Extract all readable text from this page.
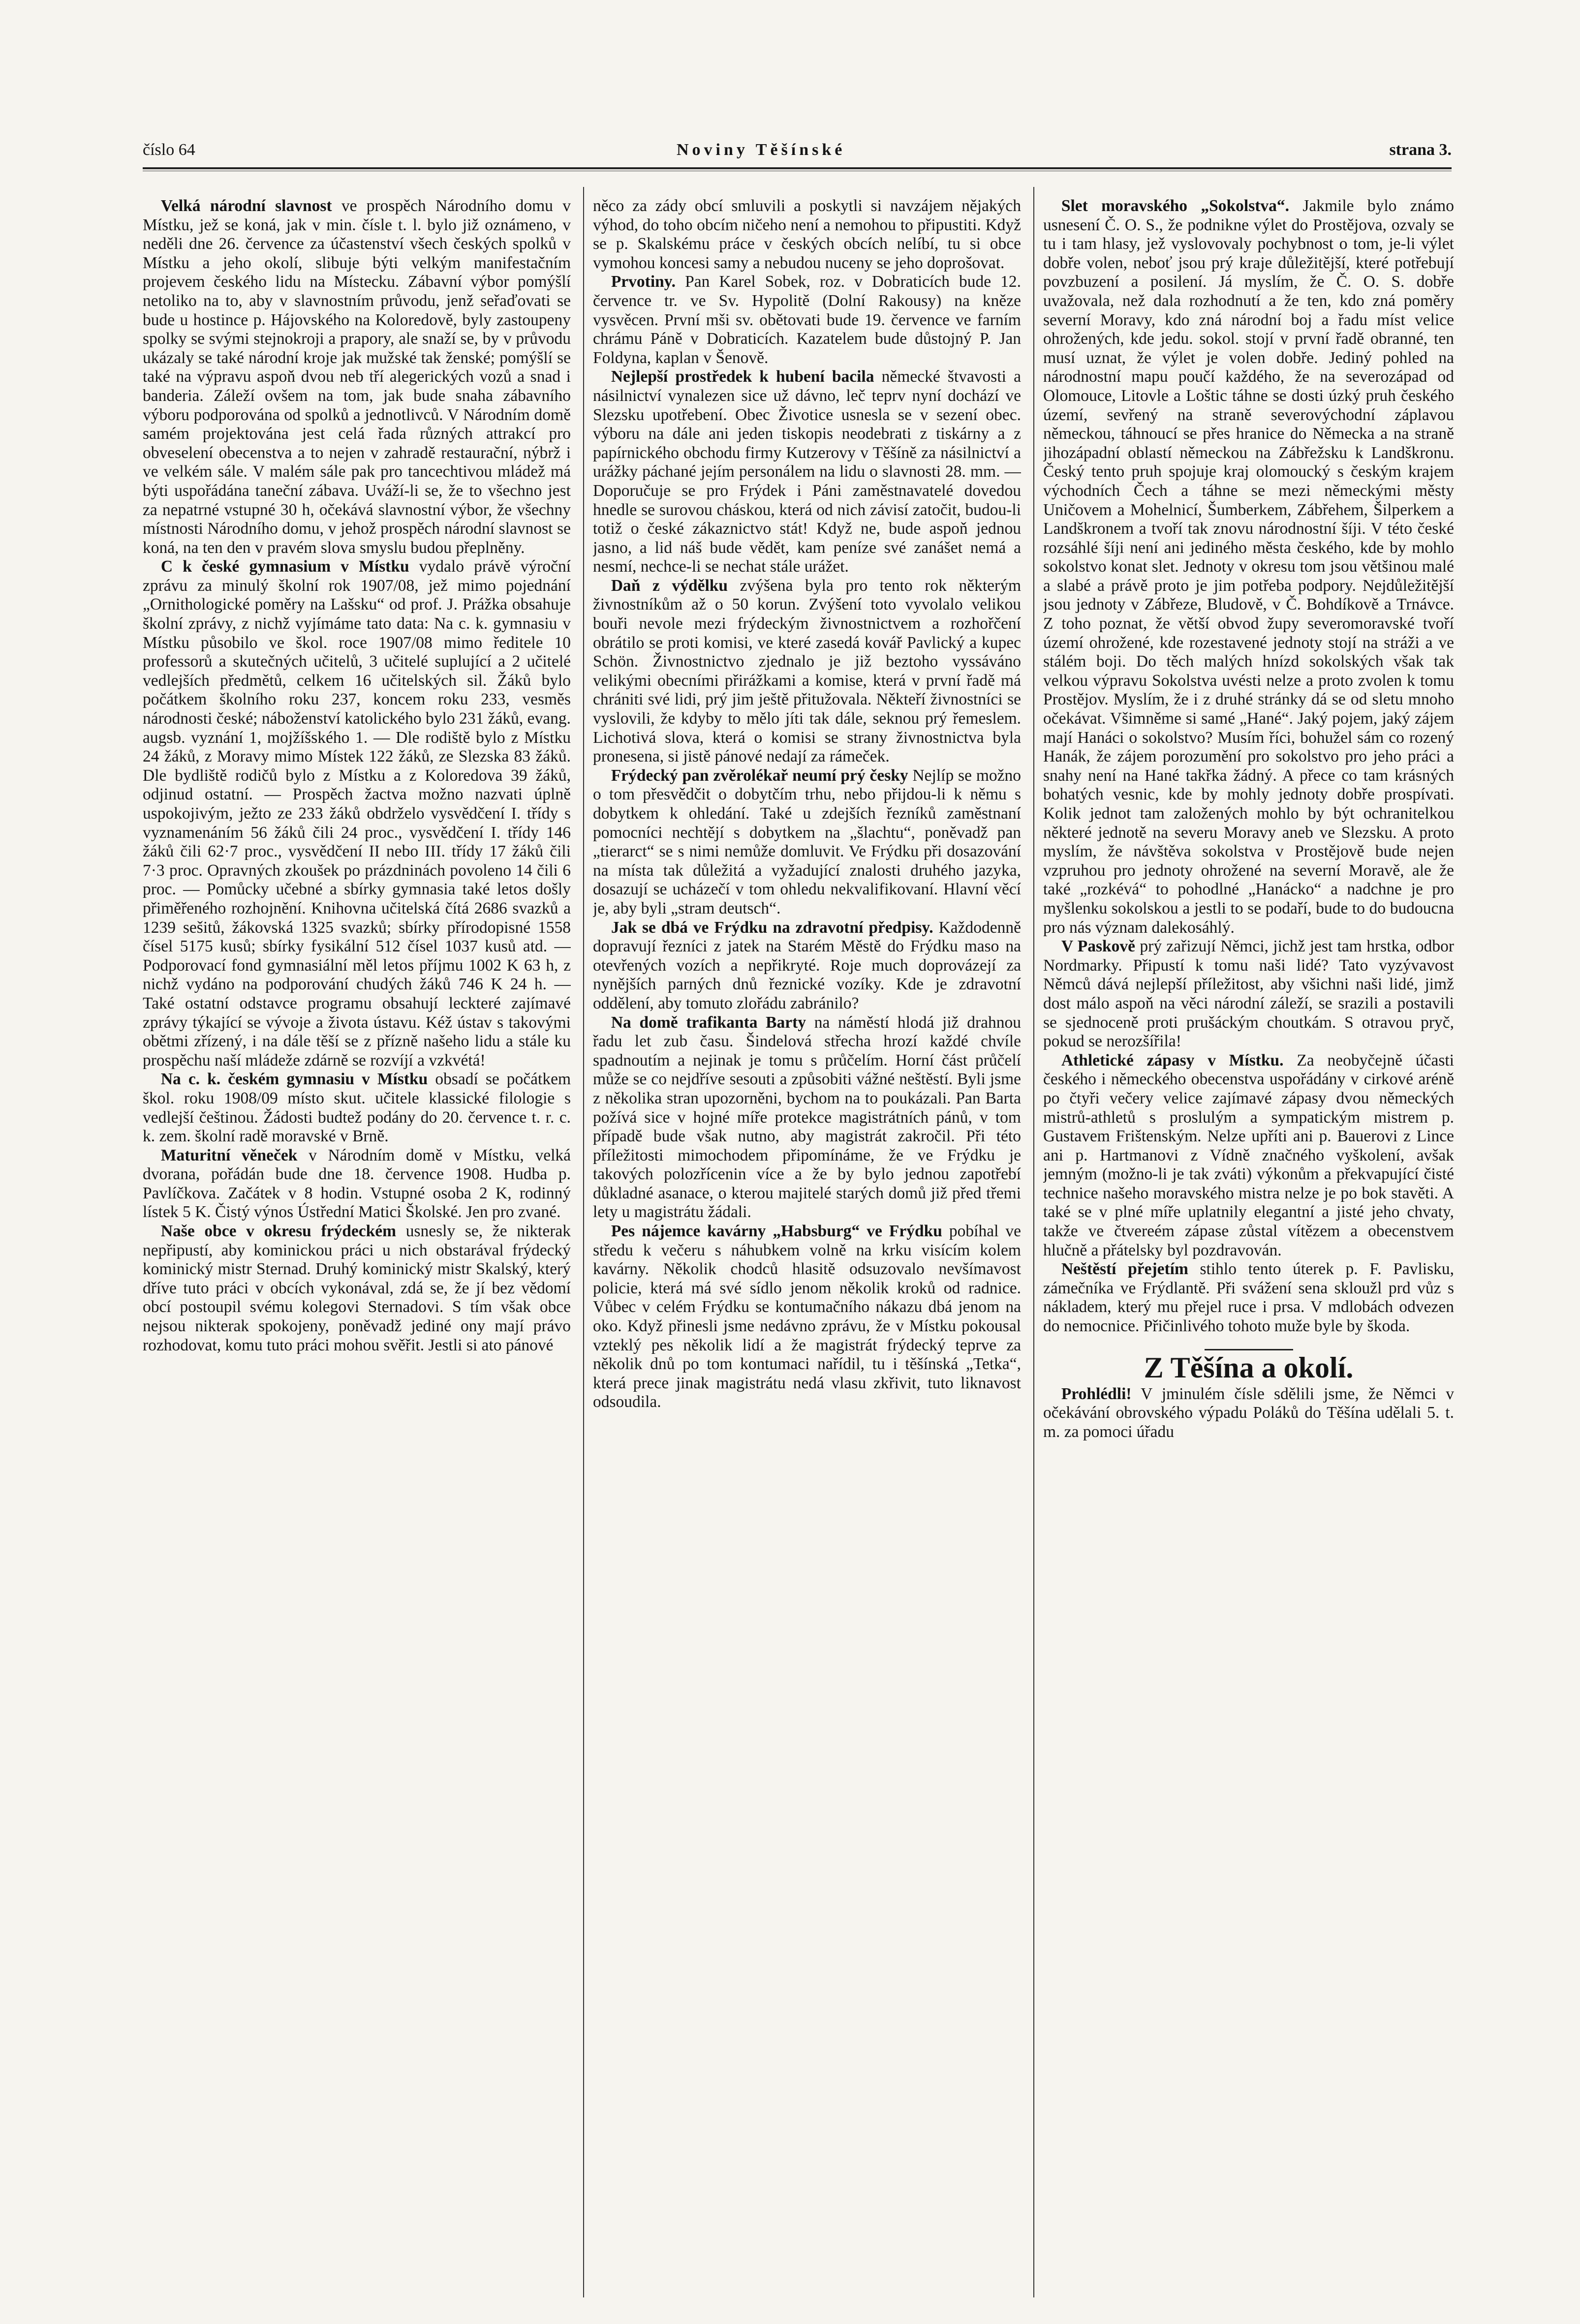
číslo 64	Noviny Těšínské	strana 3.

Velká národní slavnost ve prospěch Národního domu v Místku, jež se koná, jak v min. čísle t. l. bylo již oznámeno, v neděli dne 26. července za účastenství všech českých spolků v Místku a jeho okolí, slibuje býti velkým manifestačním projevem českého lidu na Místecku. Zábavní výbor pomýšlí netoliko na to, aby v slavnostním průvodu, jenž seřaďovati se bude u hostince p. Hájovského na Koloredově, byly zastoupeny spolky se svými stejnokroji a prapory, ale snaží se, by v průvodu ukázaly se také národní kroje jak mužské tak ženské; pomýšlí se také na výpravu aspoň dvou neb tří alegerických vozů a snad i banderia. Záleží ovšem na tom, jak bude snaha zábavního výboru podporována od spolků a jednotlivců. V Národním domě samém projektována jest celá řada různých attrakcí pro obveselení obecenstva a to nejen v zahradě restaurační, nýbrž i ve velkém sále. V malém sále pak pro tancechtivou mládež má býti uspořádána taneční zábava. Uváží-li se, že to všechno jest za nepatrné vstupné 30 h, očekává slavnostní výbor, že všechny místnosti Národního domu, v jehož prospěch národní slavnost se koná, na ten den v pravém slova smyslu budou přeplněny.

C k české gymnasium v Místku vydalo právě výroční zprávu za minulý školní rok 1907/08, jež mimo pojednání „Ornithologické poměry na Lašsku“ od prof. J. Prážka obsahuje školní zprávy, z nichž vyjímáme tato data: Na c. k. gymnasiu v Místku působilo ve škol. roce 1907/08 mimo ředitele 10 professorů a skutečných učitelů, 3 učitelé suplující a 2 učitelé vedlejších předmětů, celkem 16 učitelských sil. Žáků bylo počátkem školního roku 237, koncem roku 233, vesměs národnosti české; náboženství katolického bylo 231 žáků, evang. augsb. vyznání 1, mojžíšského 1. — Dle rodiště bylo z Místku 24 žáků, z Moravy mimo Místek 122 žáků, ze Slezska 83 žáků. Dle bydliště rodičů bylo z Místku a z Koloredova 39 žáků, odjinud ostatní. — Prospěch žactva možno nazvati úplně uspokojivým, ježto ze 233 žáků obdrželo vysvědčení I. třídy s vyznamenáním 56 žáků čili 24 proc., vysvědčení I. třídy 146 žáků čili 62·7 proc., vysvědčení II nebo III. třídy 17 žáků čili 7·3 proc. Opravných zkoušek po prázdninách povoleno 14 čili 6 proc. — Pomůcky učebné a sbírky gymnasia také letos došly přiměřeného rozhojnění. Knihovna učitelská čítá 2686 svazků a 1239 sešitů, žákovská 1325 svazků; sbírky přírodopisné 1558 čísel 5175 kusů; sbírky fysikální 512 čísel 1037 kusů atd. — Podporovací fond gymnasiální měl letos příjmu 1002 K 63 h, z nichž vydáno na podporování chudých žáků 746 K 24 h. — Také ostatní odstavce programu obsahují leckteré zajímavé zprávy týkající se vývoje a života ústavu. Kéž ústav s takovými obětmi zřízený, i na dále těší se z přízně našeho lidu a stále ku prospěchu naší mládeže zdárně se rozvíjí a vzkvétá!

Na c. k. českém gymnasiu v Místku obsadí se počátkem škol. roku 1908/09 místo skut. učitele klassické filologie s vedlejší češtinou. Žádosti budtež podány do 20. července t. r. c. k. zem. školní radě moravské v Brně.

Maturitní věneček v Národním domě v Místku, velká dvorana, pořádán bude dne 18. července 1908. Hudba p. Pavlíčkova. Začátek v 8 hodin. Vstupné osoba 2 K, rodinný lístek 5 K. Čistý výnos Ústřední Matici Školské. Jen pro zvané.

Naše obce v okresu frýdeckém usnesly se, že nikterak nepřipustí, aby kominickou práci u nich obstarával frýdecký kominický mistr Sternad. Druhý kominický mistr Skalský, který dříve tuto práci v obcích vykonával, zdá se, že jí bez vědomí obcí postoupil svému kolegovi Sternadovi. S tím však obce nejsou nikterak spokojeny, poněvadž jediné ony mají právo rozhodovat, komu tuto práci mohou svěřit. Jestli si ato pánové

něco za zády obcí smluvili a poskytli si navzájem nějakých výhod, do toho obcím ničeho není a nemohou to připustiti. Když se p. Skalskému práce v českých obcích nelíbí, tu si obce vymohou koncesi samy a nebudou nuceny se jeho doprošovat.

Prvotiny. Pan Karel Sobek, roz. v Dobraticích bude 12. července tr. ve Sv. Hypolitě (Dolní Rakousy) na kněze vysvěcen. První mši sv. obětovati bude 19. července ve farním chrámu Páně v Dobraticích. Kazatelem bude důstojný P. Jan Foldyna, kaplan v Šenově.

Nejlepší prostředek k hubení bacila německé štvavosti a násilnictví vynalezen sice už dávno, leč teprv nyní dochází ve Slezsku upotřebení. Obec Životice usnesla se v sezení obec. výboru na dále ani jeden tiskopis neodebrati z tiskárny a z papírnického obchodu firmy Kutzerovy v Těšíně za násilnictví a urážky páchané jejím personálem na lidu o slavnosti 28. mm. — Doporučuje se pro Frýdek i Páni zaměstnavatelé dovedou hnedle se surovou cháskou, která od nich závisí zatočit, budou-li totiž o české zákaznictvo stát! Když ne, bude aspoň jednou jasno, a lid náš bude vědět, kam peníze své zanášet nemá a nesmí, nechce-li se nechat stále urážet.

Daň z výdělku zvýšena byla pro tento rok některým živnostníkům až o 50 korun. Zvýšení toto vyvolalo velikou bouři nevole mezi frýdeckým živnostnictvem a rozhořčení obrátilo se proti komisi, ve které zasedá kovář Pavlický a kupec Schön. Živnostnictvo zjednalo je již beztoho vyssáváno velikými obecními přirážkami a komise, která v první řadě má chrániti své lidi, prý jim ještě přitužovala. Někteří živnostníci se vyslovili, že kdyby to mělo jíti tak dále, seknou prý řemeslem. Lichotivá slova, která o komisi se strany živnostnictva byla pronesena, si jistě pánové nedají za rámeček.

Frýdecký pan zvěrolékař neumí prý česky Nejlíp se možno o tom přesvědčit o dobytčím trhu, nebo přijdou-li k němu s dobytkem k ohledání. Také u zdejších řezníků zaměstnaní pomocníci nechtějí s dobytkem na „šlachtu“, poněvadž pan „tierarct“ se s nimi nemůže domluvit. Ve Frýdku při dosazování na místa tak důležitá a vyžadující znalosti druhého jazyka, dosazují se ucházečí v tom ohledu nekvalifikovaní. Hlavní věcí je, aby byli „stram deutsch“.

Jak se dbá ve Frýdku na zdravotní předpisy. Každodenně dopravují řezníci z jatek na Starém Městě do Frýdku maso na otevřených vozích a nepřikryté. Roje much doprovázejí za nynějších parných dnů řeznické vozíky. Kde je zdravotní oddělení, aby tomuto zlořádu zabránilo?

Na domě trafikanta Barty na náměstí hlodá již drahnou řadu let zub času. Šindelová střecha hrozí každé chvíle spadnoutím a nejinak je tomu s průčelím. Horní část průčelí může se co nejdříve sesouti a způsobiti vážné neštěstí. Byli jsme z několika stran upozorněni, bychom na to poukázali. Pan Barta požívá sice v hojné míře protekce magistrátních pánů, v tom případě bude však nutno, aby magistrát zakročil. Při této příležitosti mimochodem připomínáme, že ve Frýdku je takových polozřícenin více a že by bylo jednou zapotřebí důkladné asanace, o kterou majitelé starých domů již před třemi lety u magistrátu žádali.

Pes nájemce kavárny „Habsburg“ ve Frýdku pobíhal ve středu k večeru s náhubkem volně na krku visícím kolem kavárny. Několik chodců hlasitě odsuzovalo nevšímavost policie, která má své sídlo jenom několik kroků od radnice. Vůbec v celém Frýdku se kontumačního nákazu dbá jenom na oko. Když přinesli jsme nedávno zprávu, že v Místku pokousal vzteklý pes několik lidí a že magistrát frýdecký teprve za několik dnů po tom kontumaci nařídil, tu i těšínská „Tetka“, která prece jinak magistrátu nedá vlasu zkřivit, tuto liknavost odsoudila.

Slet moravského „Sokolstva“. Jakmile bylo známo usnesení Č. O. S., že podnikne výlet do Prostějova, ozvaly se tu i tam hlasy, jež vyslovovaly pochybnost o tom, je-li výlet dobře volen, neboť jsou prý kraje důležitější, které potřebují povzbuzení a posilení. Já myslím, že Č. O. S. dobře uvažovala, než dala rozhodnutí a že ten, kdo zná poměry severní Moravy, kdo zná národní boj a řadu míst velice ohrožených, kde jedu. sokol. stojí v první řadě obranné, ten musí uznat, že výlet je volen dobře. Jediný pohled na národnostní mapu poučí každého, že na severozápad od Olomouce, Litovle a Loštic táhne se dosti úzký pruh českého území, sevřený na straně severovýchodní záplavou německou, táhnoucí se přes hranice do Německa a na straně jihozápadní oblastí německou na Zábřežsku k Landškronu. Český tento pruh spojuje kraj olomoucký s českým krajem východních Čech a táhne se mezi německými městy Uničovem a Mohelnicí, Šumberkem, Zábřehem, Šilperkem a Landškronem a tvoří tak znovu národnostní šíji. V této české rozsáhlé šíji není ani jediného města českého, kde by mohlo sokolstvo konat slet. Jednoty v okresu tom jsou většinou malé a slabé a právě proto je jim potřeba podpory. Nejdůležitější jsou jednoty v Zábřeze, Bludově, v Č. Bohdíkově a Trnávce. Z toho poznat, že větší obvod župy severomoravské tvoří území ohrožené, kde rozestavené jednoty stojí na stráži a ve stálém boji. Do těch malých hnízd sokolských však tak velkou výpravu Sokolstva uvésti nelze a proto zvolen k tomu Prostějov. Myslím, že i z druhé stránky dá se od sletu mnoho očekávat. Všimněme si samé „Hané“. Jaký pojem, jaký zájem mají Hanáci o sokolstvo? Musím říci, bohužel sám co rozený Hanák, že zájem porozumění pro sokolstvo pro jeho práci a snahy není na Hané takřka žádný. A přece co tam krásných bohatých vesnic, kde by mohly jednoty dobře prospívati. Kolik jednot tam založených mohlo by být ochranitelkou některé jednotě na severu Moravy aneb ve Slezsku. A proto myslím, že návštěva sokolstva v Prostějově bude nejen vzpruhou pro jednoty ohrožené na severní Moravě, ale že také „rozkévá“ to pohodlné „Hanácko“ a nadchne je pro myšlenku sokolskou a jestli to se podaří, bude to do budoucna pro nás význam dalekosáhlý.

V Paskově prý zařizují Němci, jichž jest tam hrstka, odbor Nordmarky. Připustí k tomu naši lidé? Tato vyzývavost Němců dává nejlepší příležitost, aby všichni naši lidé, jimž dost málo aspoň na věci národní záleží, se srazili a postavili se sjednoceně proti prušáckým choutkám. S otravou pryč, pokud se nerozšířila!

Athletické zápasy v Místku. Za neobyčejně účasti českého i německého obecenstva uspořádány v cirkové aréně po čtyři večery velice zajímavé zápasy dvou německých mistrů-athletů s proslulým a sympatickým mistrem p. Gustavem Frištenským. Nelze upříti ani p. Bauerovi z Lince ani p. Hartmanovi z Vídně značného vyškolení, avšak jemným (možno-li je tak zváti) výkonům a překvapující čisté technice našeho moravského mistra nelze je po bok stavěti. A také se v plné míře uplatnily elegantní a jisté jeho chvaty, takže ve čtvereém zápase zůstal vítězem a obecenstvem hlučně a přátelsky byl pozdravován.

Neštěstí přejetím stihlo tento úterek p. F. Pavlisku, zámečníka ve Frýdlantě. Při svážení sena skloužl prd vůz s nákladem, který mu přejel ruce i prsa. V mdlobách odvezen do nemocnice. Přičinlivého tohoto muže byle by škoda.

Z Těšína a okolí.

Prohlédli! V jminulém čísle sdělili jsme, že Němci v očekávání obrovského výpadu Poláků do Těšína udělali 5. t. m. za pomoci úřadu
